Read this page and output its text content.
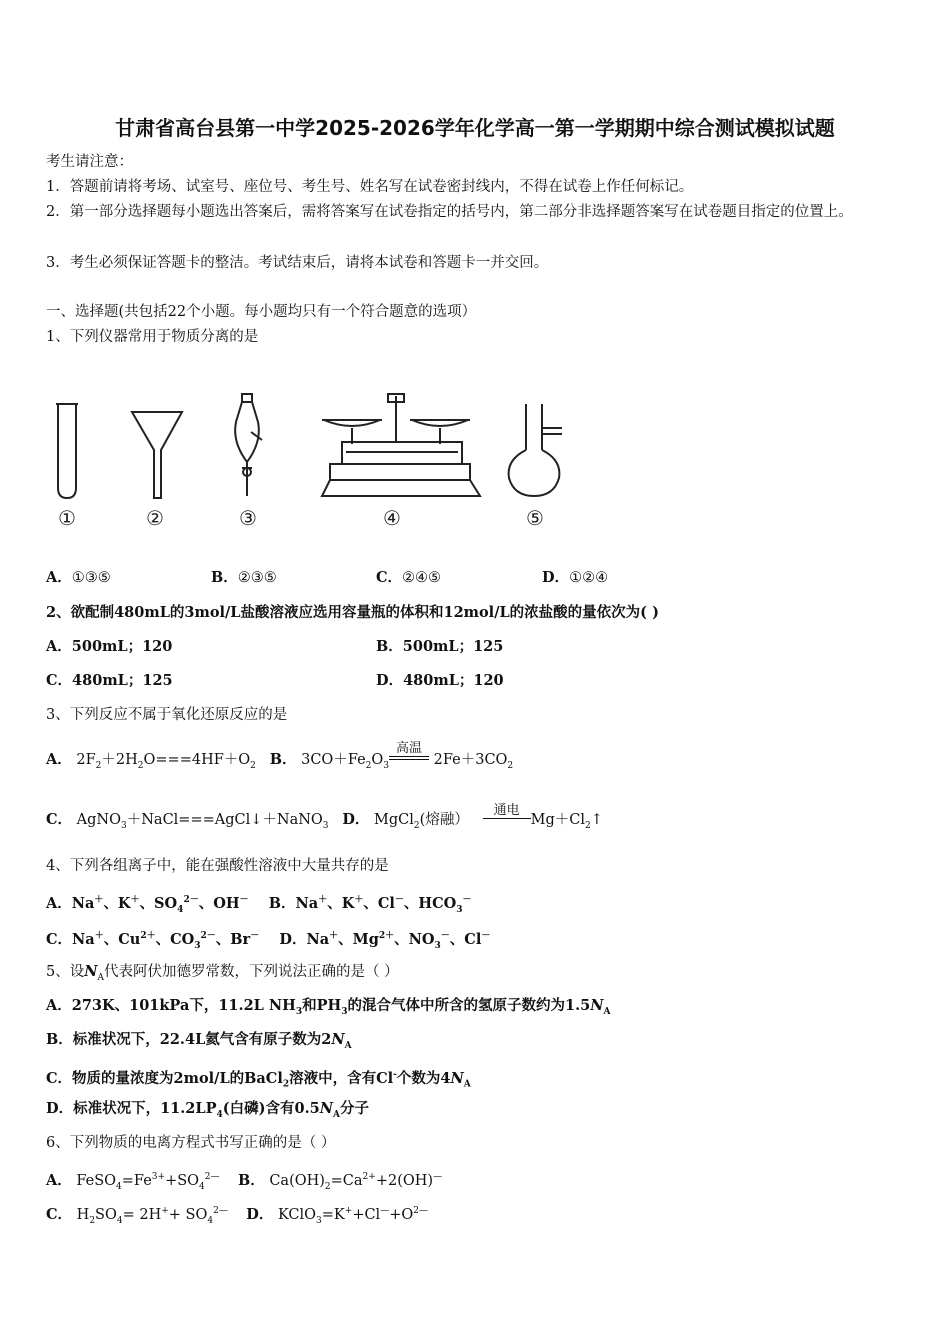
甘肃省高台县第一中学2025-2026学年化学高一第一学期期中综合测试模拟试题
考生请注意：
1．答题前请将考场、试室号、座位号、考生号、姓名写在试卷密封线内，不得在试卷上作任何标记。
2．第一部分选择题每小题选出答案后，需将答案写在试卷指定的括号内，第二部分非选择题答案写在试卷题目指定的位置上。
3．考生必须保证答题卡的整洁。考试结束后，请将本试卷和答题卡一并交回。
一、选择题(共包括22个小题。每小题均只有一个符合题意的选项）
1、下列仪器常用于物质分离的是
①	②	③	④	⑤
A．①③⑤	B．②③⑤	C．②④⑤	D．①②④
2、欲配制480mL的3mol/L盐酸溶液应选用容量瓶的体积和12mol/L的浓盐酸的量依次为( )
A．500mL；120	B．500mL；125
C．480mL；125	D．480mL；120
3、下列反应不属于氧化还原反应的是
A． $2F_2+2H_2O===4HF+O_2$ B． $3CO+Fe_2O_3$
高温
$2Fe+3CO_2$
C． AgNO$_3$＋NaCl===AgCl↓＋NaNO$_3$ D． MgCl$_2$(熔融）
通电
$Mg+Cl_2↑$
4、下列各组离子中，能在强酸性溶液中大量共存的是
A．Na＋、K＋、$SO_4^{2-}$、OH－ B．Na＋、K＋、Cl－、$HCO_3^-$
C．Na＋、$Cu^{2+}$、$CO_3^{2-}$、Br－ D．Na＋、$Mg^{2+}$、$NO_3^-$、Cl－
5、设$N_A$代表阿伏加德罗常数，下列说法正确的是（ ）
A．273K、101kPa下，11.2L $NH_3$和$PH_3$的混合气体中所含的氢原子数约为$1.5N_A$
B．标准状况下，22.4L氦气含有原子数为$2N_A$
C．物质的量浓度为2mol/L的BaCl$_2$溶液中，含有Cl-个数为$4N_A$
D．标准状况下，$11.2LP_4$(白磷)含有$0.5N_A$分子
6、下列物质的电离方程式书写正确的是（ ）
A． $FeSO_4=Fe^{3+}+SO_4^{2—}$ B． $Ca(OH)_2=Ca^{2+}+2(OH)^—$
C． $H_2SO_4= 2H^++ SO_4^{2—}$ D． $KClO_3=K^++Cl^—+O^{2—}$
